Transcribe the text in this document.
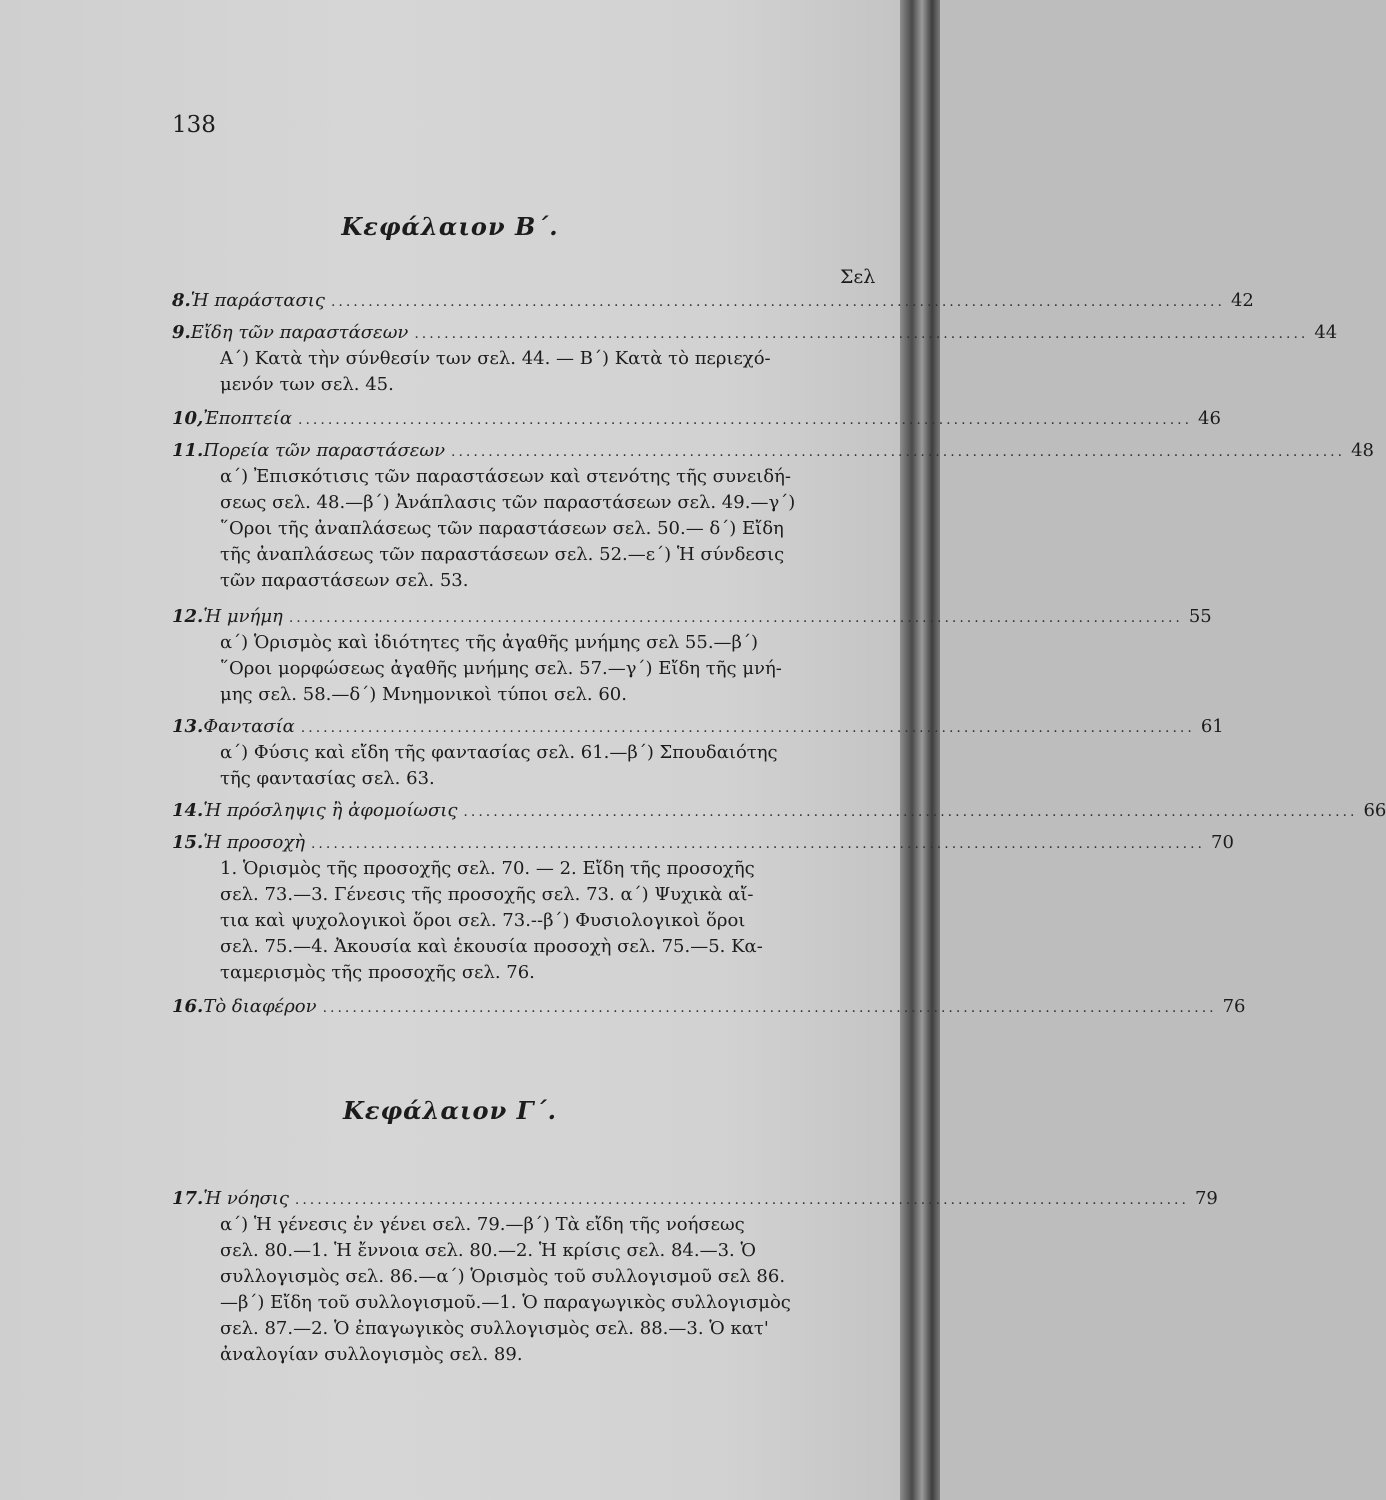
138
Κεφάλαιον Β΄.
Σελ
8. Ἡ παράστασις ........................................................................................................................ 42
9. Εἴδη τῶν παραστάσεων ........................................................................................................................ 44
Α΄) Κατὰ τὴν σύνθεσίν των σελ. 44. — Β΄) Κατὰ τὸ περιεχό-
μενόν των σελ. 45.
10, Ἐποπτεία ........................................................................................................................ 46
11. Πορεία τῶν παραστάσεων ........................................................................................................................ 48
α΄) Ἐπισκότισις τῶν παραστάσεων καὶ στενότης τῆς συνειδή-
σεως σελ. 48.—β΄) Ἀνάπλασις τῶν παραστάσεων σελ. 49.—γ΄)
῞Οροι τῆς ἀναπλάσεως τῶν παραστάσεων σελ. 50.— δ΄) Εἴδη
τῆς ἀναπλάσεως τῶν παραστάσεων σελ. 52.—ε΄) Ἡ σύνδεσις
τῶν παραστάσεων σελ. 53.
12. Ἡ μνήμη ........................................................................................................................ 55
α΄) Ὁρισμὸς καὶ ἰδιότητες τῆς ἀγαθῆς μνήμης σελ 55.—β΄)
῞Οροι μορφώσεως ἀγαθῆς μνήμης σελ. 57.—γ΄) Εἴδη τῆς μνή-
μης σελ. 58.—δ΄) Μνημονικοὶ τύποι σελ. 60.
13. Φαντασία ........................................................................................................................ 61
α΄) Φύσις καὶ εἴδη τῆς φαντασίας σελ. 61.—β΄) Σπουδαιότης
τῆς φαντασίας σελ. 63.
14. Ἡ πρόσληψις ἢ ἀφομοίωσις ........................................................................................................................ 66
15. Ἡ προσοχὴ ........................................................................................................................ 70
1. Ὁρισμὸς τῆς προσοχῆς σελ. 70. — 2. Εἴδη τῆς προσοχῆς
σελ. 73.—3. Γένεσις τῆς προσοχῆς σελ. 73. α΄) Ψυχικὰ αἴ-
τια καὶ ψυχολογικοὶ ὅροι σελ. 73.--β΄) Φυσιολογικοὶ ὅροι
σελ. 75.—4. Ἀκουσία καὶ ἑκουσία προσοχὴ σελ. 75.—5. Κα-
ταμερισμὸς τῆς προσοχῆς σελ. 76.
16. Τὸ διαφέρον ........................................................................................................................ 76
Κεφάλαιον Γ΄.
17. Ἡ νόησις ........................................................................................................................ 79
α΄) Ἡ γένεσις ἐν γένει σελ. 79.—β΄) Τὰ εἴδη τῆς νοήσεως
σελ. 80.—1. Ἡ ἔννοια σελ. 80.—2. Ἡ κρίσις σελ. 84.—3. Ὁ
συλλογισμὸς σελ. 86.—α΄) Ὁρισμὸς τοῦ συλλογισμοῦ σελ 86.
—β΄) Εἴδη τοῦ συλλογισμοῦ.—1. Ὁ παραγωγικὸς συλλογισμὸς
σελ. 87.—2. Ὁ ἐπαγωγικὸς συλλογισμὸς σελ. 88.—3. Ὁ κατ'
ἀναλογίαν συλλογισμὸς σελ. 89.
